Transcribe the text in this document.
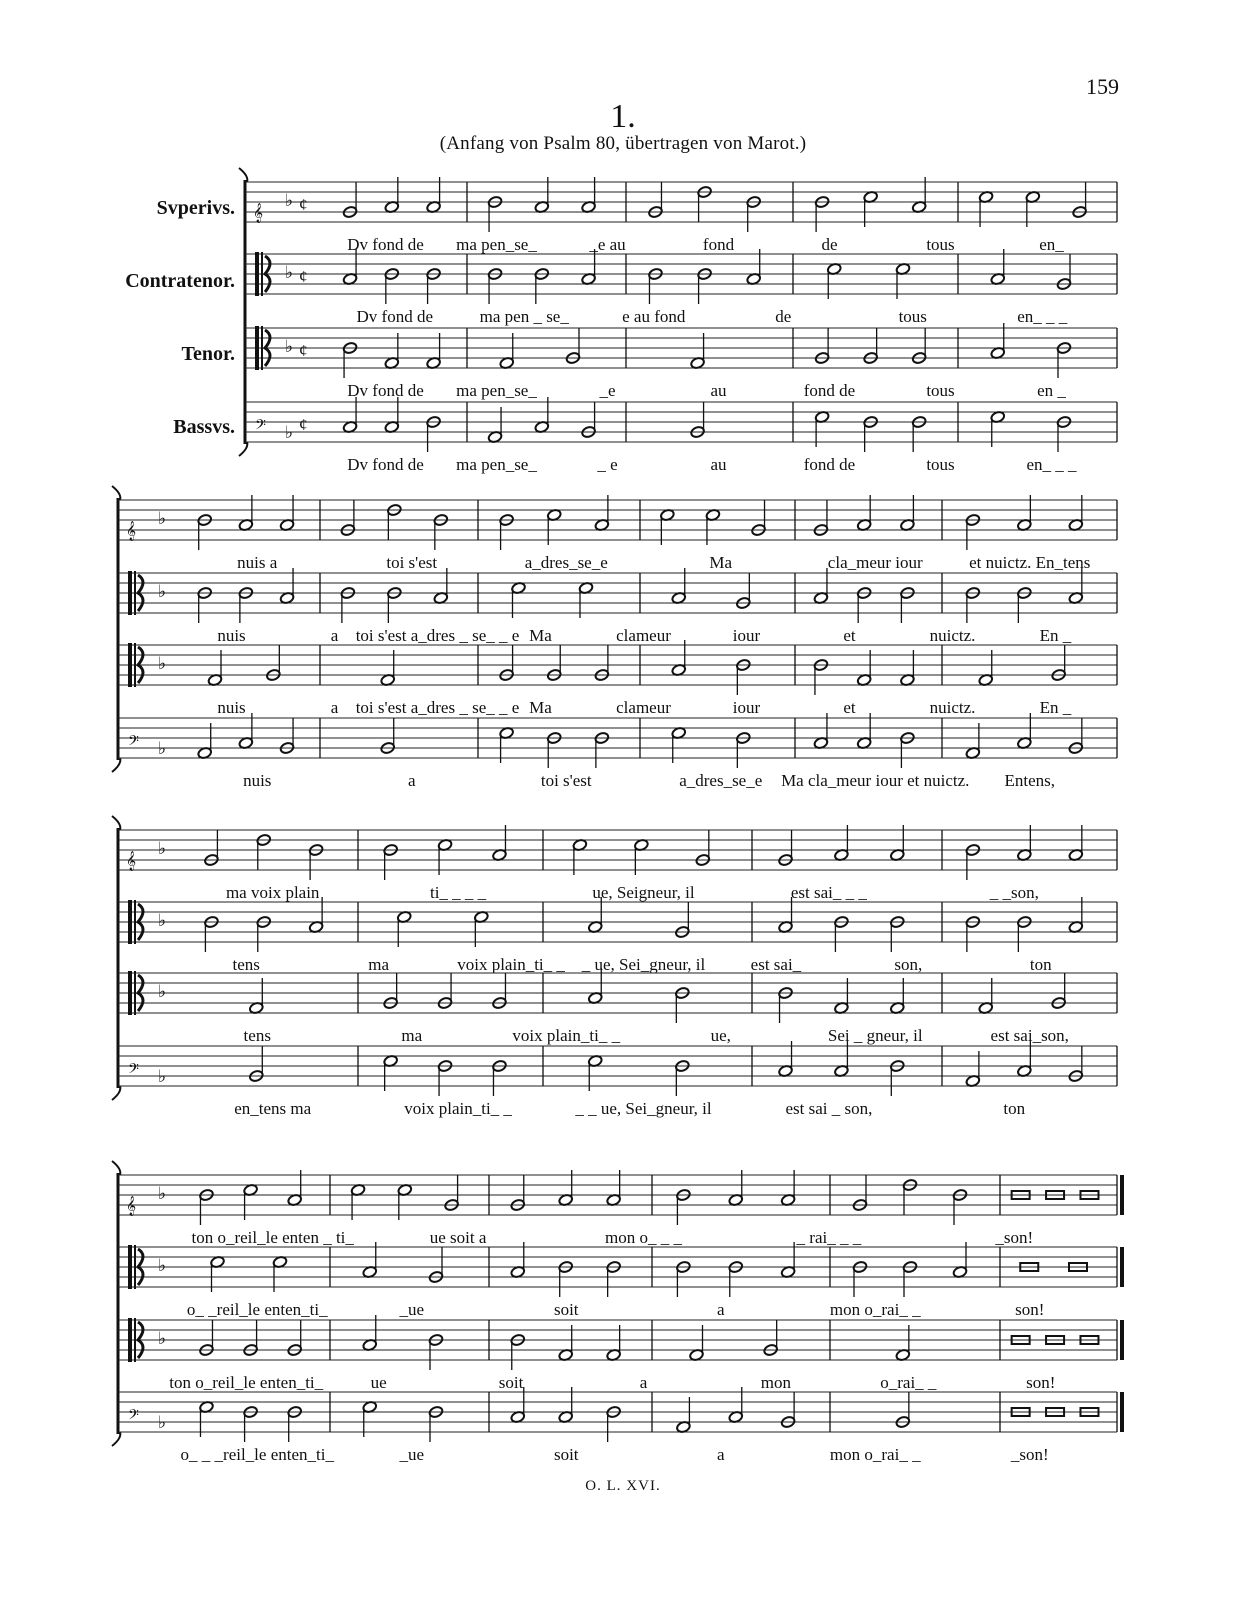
159
1.
(Anfang von Psalm 80, übertragen von Marot.)
Svperivs.
Contratenor.
Tenor.
Bassvs.
𝄞
♭ ¢
Dv fond de ma pen_se_	_e au	fond	de	tous	en_
♭ ¢
Dv fond de	ma pen _ se_	e au fond	de	tous	en_ _ _
♭ ¢
Dv fond de ma pen_se_	_e	au	fond de	tous	en _
𝄢 ♭ ¢
Dv fond de ma pen_se_	_ e	au	fond de	tous	en_ _ _
𝄞
♭
nuis a	toi s'est	a_dres_se_e	Ma	cla_meur iour	et nuictz. En_tens
♭
nuis	a toi s'est a_dres _ se_ _ e Ma	clameur	iour	et	nuictz.	En _
♭
nuis	a toi s'est a_dres _ se_ _ e Ma	clameur	iour	et	nuictz.	En _
𝄢 ♭
nuis	a	toi s'est	a_dres_se_e Ma cla_meur iour et nuictz. Entens,
𝄞
♭
ma voix plain	ti_ _ _ _	ue, Seigneur, il	est sai_ _ _	_ _son,
♭
tens	ma	voix plain_ti_ _ _ ue, Sei_gneur, il	est sai_	son,	ton
♭
tens	ma	voix plain_ti_ _	ue,	Sei _ gneur, il	est sai_son,
𝄢 ♭
en_tens ma	voix plain_ti_ _	_ _ ue, Sei_gneur, il	est sai _ son,	ton
𝄞
♭
ton o_reil_le enten _ ti_	ue soit a	mon o_ _ _	_ rai_ _ _	_son!
♭
o_ _reil_le enten_ti_	_ue	soit	a	mon o_rai_ _	son!
♭
ton o_reil_le enten_ti_	ue	soit	a	mon	o_rai_ _	son!
𝄢 ♭
o_ _ _reil_le enten_ti_	_ue	soit	a	mon o_rai_ _	_son!
O. L. XVI.
